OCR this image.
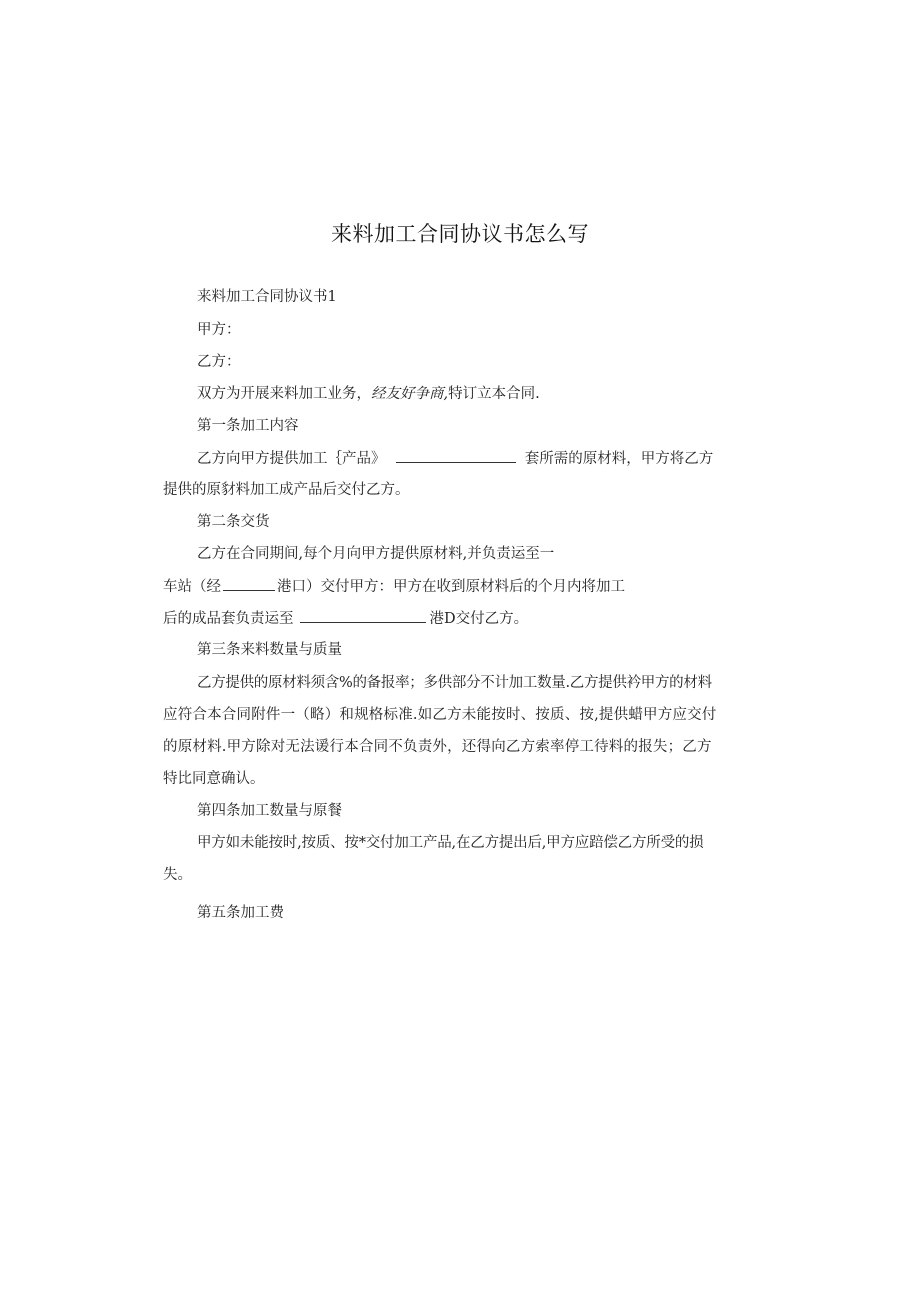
来料加工合同协议书怎么写
来料加工合同协议书1
甲方：
乙方：
双方为开展来料加工业务，经友好争商,特订立本合同.
第一条加工内容
乙方向甲方提供加工｛产品》	套所需的原材料，甲方将乙方
提供的原豺料加工成产品后交付乙方。
第二条交货
乙方在合同期间,每个月向甲方提供原材料,并负责运至一
车站（经	港口）交付甲方：甲方在收到原材料后的个月内将加工
后的成品套负责运至	港D交付乙方。
第三条来料数量与质量
乙方提供的原材料须含%的备报率；多供部分不计加工数量.乙方提供衿甲方的材料
应符合本合同附件一（略）和规格标准.如乙方未能按时、按质、按,提供蜡甲方应交付
的原材料.甲方除对无法谖行本合同不负责外，还得向乙方索率停工待料的报失；乙方
特比同意确认。
第四条加工数量与原餐
甲方如未能按时,按质、按*交付加工产品,在乙方提出后,甲方应踣偿乙方所受的损
失。
第五条加工费
